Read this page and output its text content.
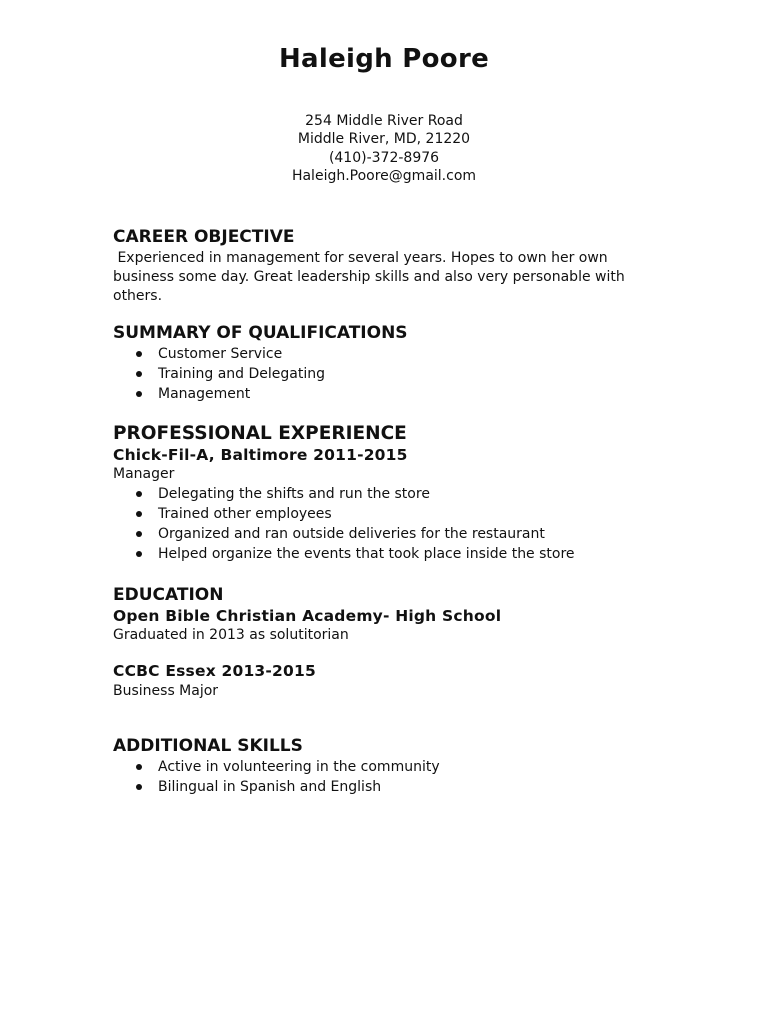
Haleigh Poore
254 Middle River Road
Middle River, MD, 21220
(410)-372-8976
Haleigh.Poore@gmail.com
CAREER OBJECTIVE

Experienced in management for several years. Hopes to own her own business some day. Great leadership skills and also very personable with others.

SUMMARY OF QUALIFICATIONS
Customer Service
Training and Delegating
Management
PROFESSIONAL EXPERIENCE
Chick-Fil-A, Baltimore 2011-2015

Manager

Delegating the shifts and run the store
Trained other employees
Organized and ran outside deliveries for the restaurant
Helped organize the events that took place inside the store
EDUCATION
Open Bible Christian Academy- High School

Graduated in 2013 as solutitorian

CCBC Essex 2013-2015

Business Major

ADDITIONAL SKILLS
Active in volunteering in the community
Bilingual in Spanish and English
